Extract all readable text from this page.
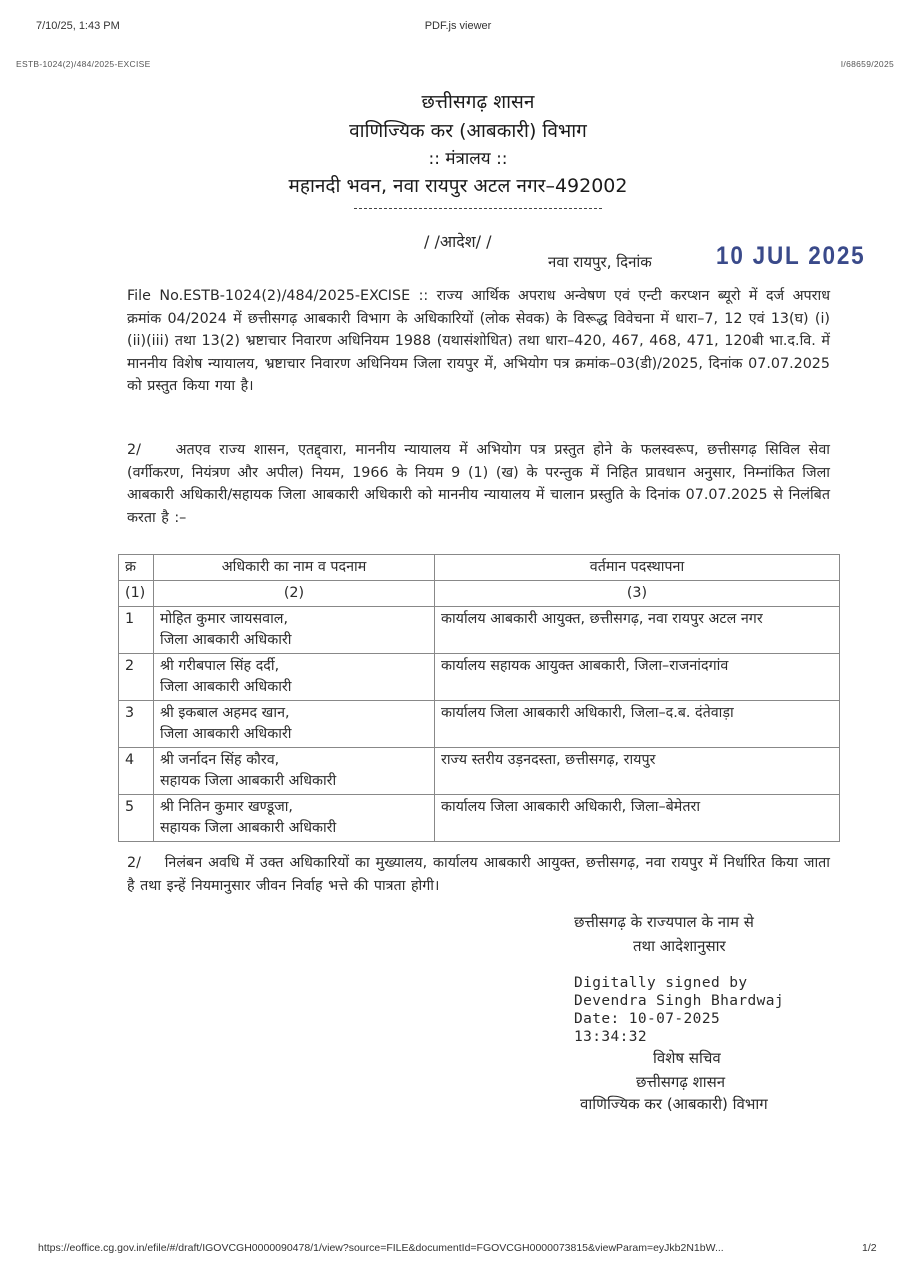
7/10/25, 1:43 PM	PDF.js viewer
ESTB-1024(2)/484/2025-EXCISE	I/68659/2025
छत्तीसगढ़ शासन
वाणिज्यिक कर (आबकारी) विभाग
:: मंत्रालय ::
महानदी भवन, नवा रायपुर अटल नगर–492002
/ /आदेश/ /
नवा रायपुर, दिनांक	10 JUL 2025
File No.ESTB-1024(2)/484/2025-EXCISE :: राज्य आर्थिक अपराध अन्वेषण एवं एन्टी करप्शन ब्यूरो में दर्ज अपराध क्रमांक 04/2024 में छत्तीसगढ़ आबकारी विभाग के अधिकारियों (लोक सेवक) के विरूद्ध विवेचना में धारा–7, 12 एवं 13(घ) (i)(ii)(iii) तथा 13(2) भ्रष्टाचार निवारण अधिनियम 1988 (यथासंशोधित) तथा धारा–420, 467, 468, 471, 120बी भा.द.वि. में माननीय विशेष न्यायालय, भ्रष्टाचार निवारण अधिनियम जिला रायपुर में, अभियोग पत्र क्रमांक–03(डी)/2025, दिनांक 07.07.2025 को प्रस्तुत किया गया है।
2/ अतएव राज्य शासन, एतद्द्वारा, माननीय न्यायालय में अभियोग पत्र प्रस्तुत होने के फलस्वरूप, छत्तीसगढ़ सिविल सेवा (वर्गीकरण, नियंत्रण और अपील) नियम, 1966 के नियम 9 (1) (ख) के परन्तुक में निहित प्रावधान अनुसार, निम्नांकित जिला आबकारी अधिकारी/सहायक जिला आबकारी अधिकारी को माननीय न्यायालय में चालान प्रस्तुति के दिनांक 07.07.2025 से निलंबित करता है :–
क्र	अधिकारी का नाम व पदनाम	वर्तमान पदस्थापना
(1)	(2)	(3)
1	मोहित कुमार जायसवाल,
जिला आबकारी अधिकारी	कार्यालय आबकारी आयुक्त, छत्तीसगढ़, नवा रायपुर अटल नगर
2	श्री गरीबपाल सिंह दर्दी,
जिला आबकारी अधिकारी	कार्यालय सहायक आयुक्त आबकारी, जिला–राजनांदगांव
3	श्री इकबाल अहमद खान,
जिला आबकारी अधिकारी	कार्यालय जिला आबकारी अधिकारी, जिला–द.ब. दंतेवाड़ा
4	श्री जर्नादन सिंह कौरव,
सहायक जिला आबकारी अधिकारी	राज्य स्तरीय उड़नदस्ता, छत्तीसगढ़, रायपुर
5	श्री नितिन कुमार खण्डूजा,
सहायक जिला आबकारी अधिकारी	कार्यालय जिला आबकारी अधिकारी, जिला–बेमेतरा
2/ निलंबन अवधि में उक्त अधिकारियों का मुख्यालय, कार्यालय आबकारी आयुक्त, छत्तीसगढ़, नवा रायपुर में निर्धारित किया जाता है तथा इन्हें नियमानुसार जीवन निर्वाह भत्ते की पात्रता होगी।
छत्तीसगढ़ के राज्यपाल के नाम से
तथा आदेशानुसार
Digitally signed by
Devendra Singh Bhardwaj
Date: 10-07-2025
13:34:32
विशेष सचिव
छत्तीसगढ़ शासन
वाणिज्यिक कर (आबकारी) विभाग
https://eoffice.cg.gov.in/efile/#/draft/IGOVCGH0000090478/1/view?source=FILE&documentId=FGOVCGH0000073815&viewParam=eyJkb2N1bW...	1/2
